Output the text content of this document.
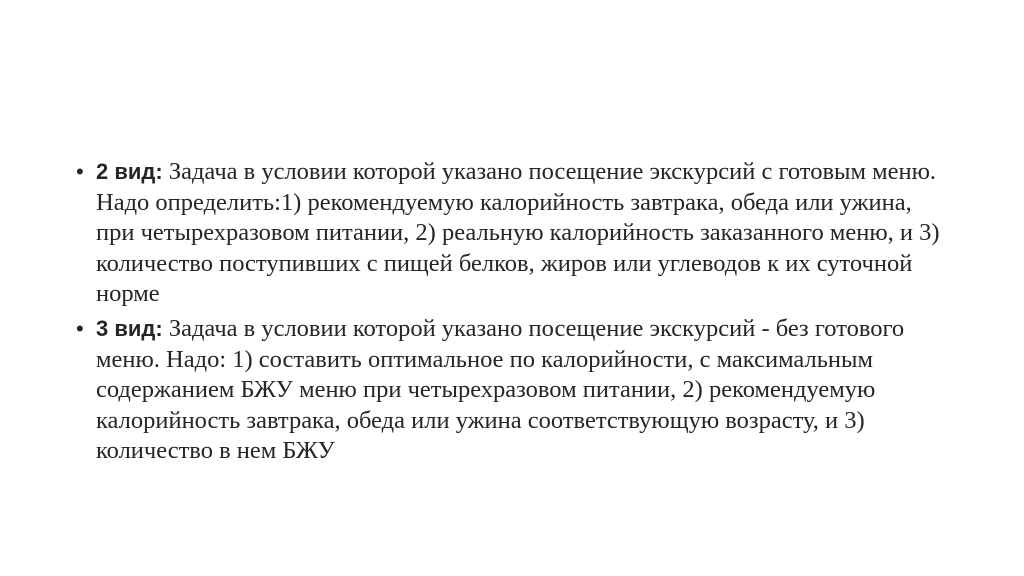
• 2 вид: Задача в условии которой указано посещение экскурсий с готовым меню. Надо определить:1) рекомендуемую калорийность завтрака, обеда или ужина, при четырехразовом питании, 2) реальную калорийность заказанного меню, и 3) количество поступивших с пищей белков, жиров или углеводов к их суточной норме
• 3 вид: Задача в условии которой указано посещение экскурсий - без готового меню. Надо: 1) составить оптимальное по калорийности, с максимальным содержанием БЖУ меню при четырехразовом питании, 2) рекомендуемую калорийность завтрака, обеда или ужина соответствующую возрасту, и 3) количество в нем БЖУ
